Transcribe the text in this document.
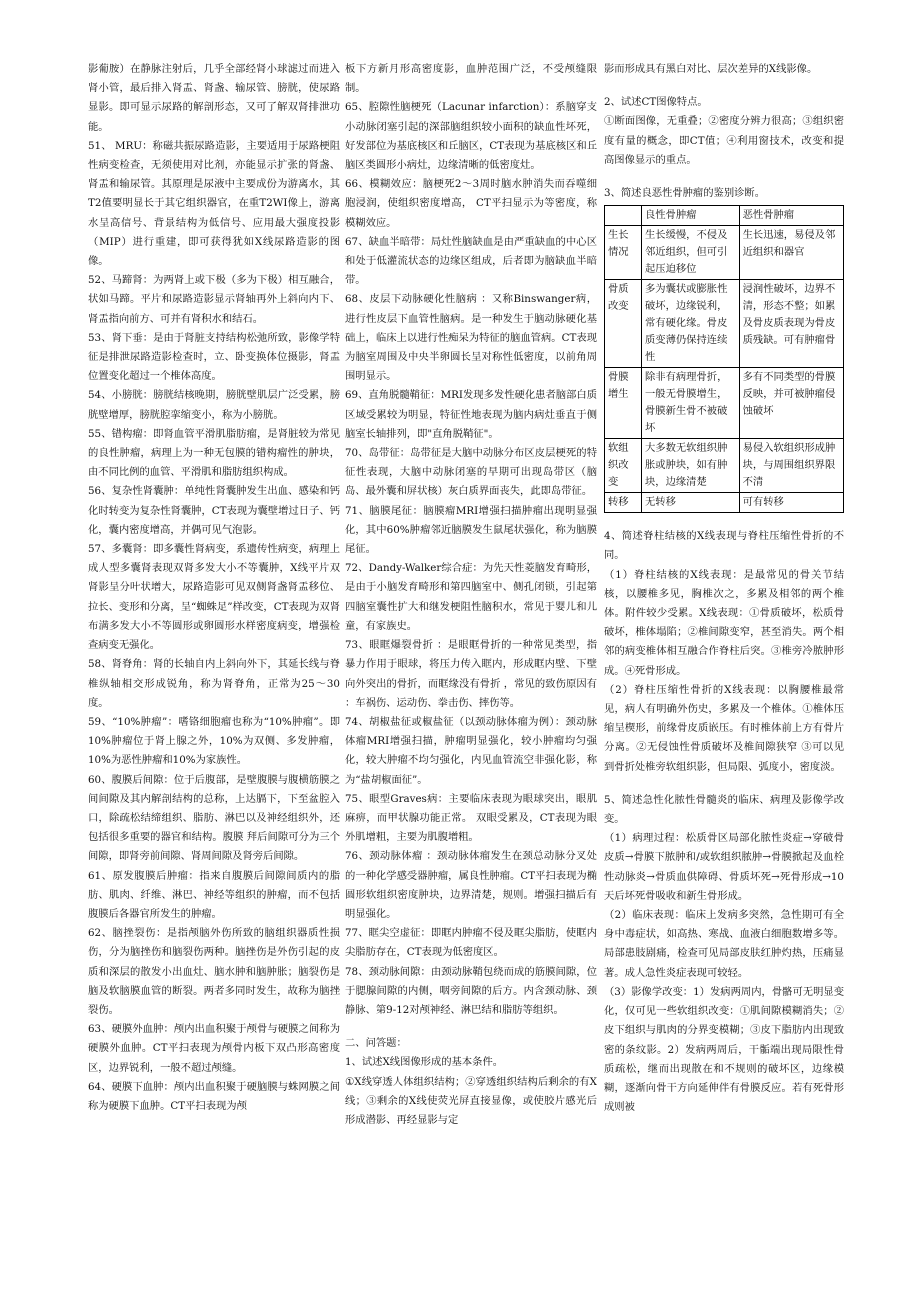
影葡胺）在静脉注射后，几乎全部经肾小球滤过而进入肾小管，最后排入肾盂、肾盏、输尿管、膀胱，使尿路显影。即可显示尿路的解剖形态，又可了解双肾排泄功能。

51、 MRU：称磁共振尿路造影，主要适用于尿路梗阻性病变检查，无须使用对比剂，亦能显示扩张的肾盏、肾盂和输尿管。其原理是尿液中主要成份为游离水，其T2值要明显长于其它组织器官，在重T2WI像上，游离水呈高信号、背景结构为低信号、应用最大强度投影（MIP）进行重建，即可获得犹如X线尿路造影的图像。

52、马蹄肾：为两肾上或下极（多为下极）相互融合，状如马蹄。平片和尿路造影显示肾轴再外上斜向内下、肾盂指向前方、可并有肾积水和结石。

53、肾下垂：是由于肾脏支持结构松弛所致，影像学特征是排泄尿路造影检查时，立、卧变换体位摄影，肾盂位置变化超过一个椎体高度。

54、小膀胱：膀胱结核晚期，膀胱壁肌层广泛受累，膀胱壁增厚，膀胱腔挛缩变小，称为小膀胱。

55、错构瘤：即肾血管平滑肌脂肪瘤，是肾脏较为常见的良性肿瘤，病理上为一种无包膜的错构瘤性的肿块，由不同比例的血管、平滑肌和脂肪组织构成。

56、复杂性肾囊肿：单纯性肾囊肿发生出血、感染和钙化时转变为复杂性肾囊肿，CT表现为囊壁增过日子、钙化，囊内密度增高，并偶可见气泡影。

57、多囊肾：即多囊性肾病变，系遗传性病变，病理上成人型多囊肾表现双肾多发大小不等囊肿，X线平片双肾影呈分叶状增大，尿路造影可见双侧肾盏肾盂移位、拉长、变形和分离，呈“蜘蛛足”样改变，CT表现为双肾布满多发大小不等圆形或卵圆形水样密度病变，增强检查病变无强化。

58、肾脊角：肾的长轴自内上斜向外下，其延长线与脊椎纵轴相交形成锐角，称为肾脊角，正常为25～30度。

59、“10%肿瘤”：嗜铬细胞瘤也称为“10%肿瘤”。即10%肿瘤位于肾上腺之外，10%为双侧、多发肿瘤，10%为恶性肿瘤和10%为家族性。

60、腹膜后间隙：位于后腹部，是壁腹膜与腹横筋膜之间间隙及其内解剖结构的总称，上达膈下，下至盆腔入口，除疏松结缔组织、脂肪、淋巴以及神经组织外，还包括很多重要的器官和结构。腹膜 拜后间隙可分为三个间隙，即肾旁前间隙、肾周间隙及肾旁后间隙。

61、原发腹膜后肿瘤：指来自腹膜后间隙间质内的脂肪、肌肉、纤维、淋巴、神经等组织的肿瘤，而不包括腹膜后各器官所发生的肿瘤。

62、脑挫裂伤：是指颅脑外伤所致的脑组织器质性损伤，分为脑挫伤和脑裂伤两种。脑挫伤是外伤引起的皮质和深层的散发小出血灶、脑水肿和脑肿胀；脑裂伤是脑及软脑膜血管的断裂。两者多同时发生，故称为脑挫裂伤。

63、硬膜外血肿：颅内出血积聚于颅骨与硬膜之间称为硬膜外血肿。CT平扫表现为颅骨内板下双凸形高密度区，边界锐利，一般不超过颅缝。

64、硬膜下血肿：颅内出血积聚于硬脑膜与蛛网膜之间称为硬膜下血肿。CT平扫表现为颅

板下方新月形高密度影，血肿范围广泛，不受颅缝限制。

65、腔隙性脑梗死（Lacunar infarction）：系脑穿支小动脉闭塞引起的深部脑组织较小面积的缺血性坏死，好发部位为基底核区和丘脑区，CT表现为基底核区和丘脑区类圆形小病灶，边缘清晰的低密度灶。

66、模糊效应：脑梗死2～3周时脑水肿消失而吞噬细胞浸润，使组织密度增高， CT平扫显示为等密度，称模糊效应。

67、缺血半暗带：局灶性脑缺血是由严重缺血的中心区和处于低灌流状态的边缘区组成，后者即为脑缺血半暗带。

68、皮层下动脉硬化性脑病 ：又称Binswanger病，进行性皮层下血管性脑病。是一种发生于脑动脉硬化基础上，临床上以进行性痴呆为特征的脑血管病。CT表现为脑室周围及中央半卵圆长呈对称性低密度，以前角周围明显示。

69、直角脱髓鞘征：MRI发现多发性硬化患者脑部白质区域受累较为明显，特征性地表现为脑内病灶垂直于侧脑室长轴排列，即"直角脱鞘征"。

70、岛带征：岛带征是大脑中动脉分布区皮层梗死的特征性表现，大脑中动脉闭塞的早期可出现岛带区（脑岛、最外囊和屏状核）灰白质界面丧失，此即岛带征。

71、脑膜尾征：脑膜瘤MRI增强扫描肿瘤出现明显强化，其中60%肿瘤邻近脑膜发生鼠尾状强化，称为脑膜尾征。

72、Dandy-Walker综合症：为先天性菱脑发育畸形，是由于小脑发育畸形和第四脑室中、侧孔闭锁，引起第四脑室囊性扩大和继发梗阻性脑积水，常见于婴儿和儿童，有家族史。

73、眼眶爆裂骨折 ：是眼眶骨折的一种常见类型，指暴力作用于眼球，将压力传入眶内，形成眶内壁、下壁向外突出的骨折，而眶缘没有骨折 ，常见的致伤原因有 ：车祸伤、运动伤、拳击伤、摔伤等。

74、胡椒盐征或椒盐征（以颈动脉体瘤为例）：颈动脉体瘤MRI增强扫描，肿瘤明显强化，较小肿瘤均匀强化，较大肿瘤不均匀强化，内见血管流空非强化影，称为“盐胡椒面征”。

75、眼型Graves病：主要临床表现为眼球突出，眼肌麻痹，而甲状腺功能正常。 双眼受累及，CT表现为眼外肌增粗，主要为肌腹增粗。

76、颈动脉体瘤 ：颈动脉体瘤发生在颈总动脉分叉处的一种化学感受器肿瘤，属良性肿瘤。CT平扫表现为椭圆形软组织密度肿块，边界清楚，规则。增强扫描后有明显强化。

77、眶尖空虚征：即眶内肿瘤不侵及眶尖脂肪，使眶内尖脂肪存在，CT表现为低密度区。

78、颈动脉间隙：由颈动脉鞘包绕而成的筋膜间隙，位于腮腺间隙的内侧，咽旁间隙的后方。内含颈动脉、颈静脉、第9-12对颅神经、淋巴结和脂肪等组织。

二、问答题：

1、试述X线图像形成的基本条件。

①X线穿透人体组织结构；②穿透组织结构后剩余的有X线；③剩余的X线使荧光屏直接显像，或使胶片感光后形成潜影、再经显影与定

影而形成具有黑白对比、层次差异的X线影像。

2、试述CT图像特点。

①断面图像，无重叠；②密度分辨力很高；③组织密度有量的概念，即CT值；④利用窗技术，改变和提高图像显示的重点。

3、简述良恶性骨肿瘤的鉴别诊断。

	良性骨肿瘤	恶性骨肿瘤
生长情况	生长缓慢，不侵及邻近组织，但可引起压迫移位	生长迅速，易侵及邻近组织和器官
骨质改变	多为囊状或膨胀性破坏，边缘锐利，常有硬化缘。骨皮质变薄仍保持连续性	浸润性破坏，边界不清，形态不整；如累及骨皮质表现为骨皮质残缺。可有肿瘤骨
骨膜增生	除非有病理骨折，一般无骨膜增生，骨膜新生骨不被破坏	多有不同类型的骨膜反映，并可被肿瘤侵蚀破坏
软组织改变	大多数无软组织肿胀或肿块，如有肿块，边缘清楚	易侵入软组织形成肿块，与周围组织界限不清
转移	无转移	可有转移

4、简述脊柱结核的X线表现与脊柱压缩性骨折的不同。

（1）脊柱结核的X线表现：是最常见的骨关节结核，以腰椎多见，胸椎次之，多累及相邻的两个椎体。附件较少受累。X线表现：①骨质破坏，松质骨破坏，椎体塌陷；②椎间隙变窄，甚至消失。两个相邻的病变椎体相互融合作脊柱后突。③椎旁冷脓肿形成。④死骨形成。

（2）脊柱压缩性骨折的X线表现：以胸腰椎最常见，病人有明确外伤史，多累及一个椎体。①椎体压缩呈楔形，前缘骨皮质嵌压。有时椎体前上方有骨片分离。②无侵蚀性骨质破坏及椎间隙狭窄 ③可以见到骨折处椎旁软组织影，但局限、弧度小，密度淡。

5、简述急性化脓性骨髓炎的临床、病理及影像学改变。

（1）病理过程：松质骨区局部化脓性炎症→穿破骨皮质→骨膜下脓肿和/或软组织脓肿→骨膜掀起及血栓性动脉炎→骨质血供障碍、骨质坏死→死骨形成→10天后坏死骨吸收和新生骨形成。

（2）临床表现：临床上发病多突然，急性期可有全身中毒症状，如高热、寒战、血液白细胞数增多等。局部患肢剧痛，检查可见局部皮肤红肿灼热，压痛显著。成人急性炎症表现可较轻。

（3）影像学改变：1）发病两周内，骨骼可无明显变化，仅可见一些软组织改变：①肌间隙模糊消失；②皮下组织与肌肉的分界变模糊；③皮下脂肪内出现致密的条纹影。2）发病两周后，干骺端出现局限性骨质疏松，继而出现散在和不规则的破坏区，边缘模糊，逐渐向骨干方向延伸伴有骨膜反应。若有死骨形成则被
